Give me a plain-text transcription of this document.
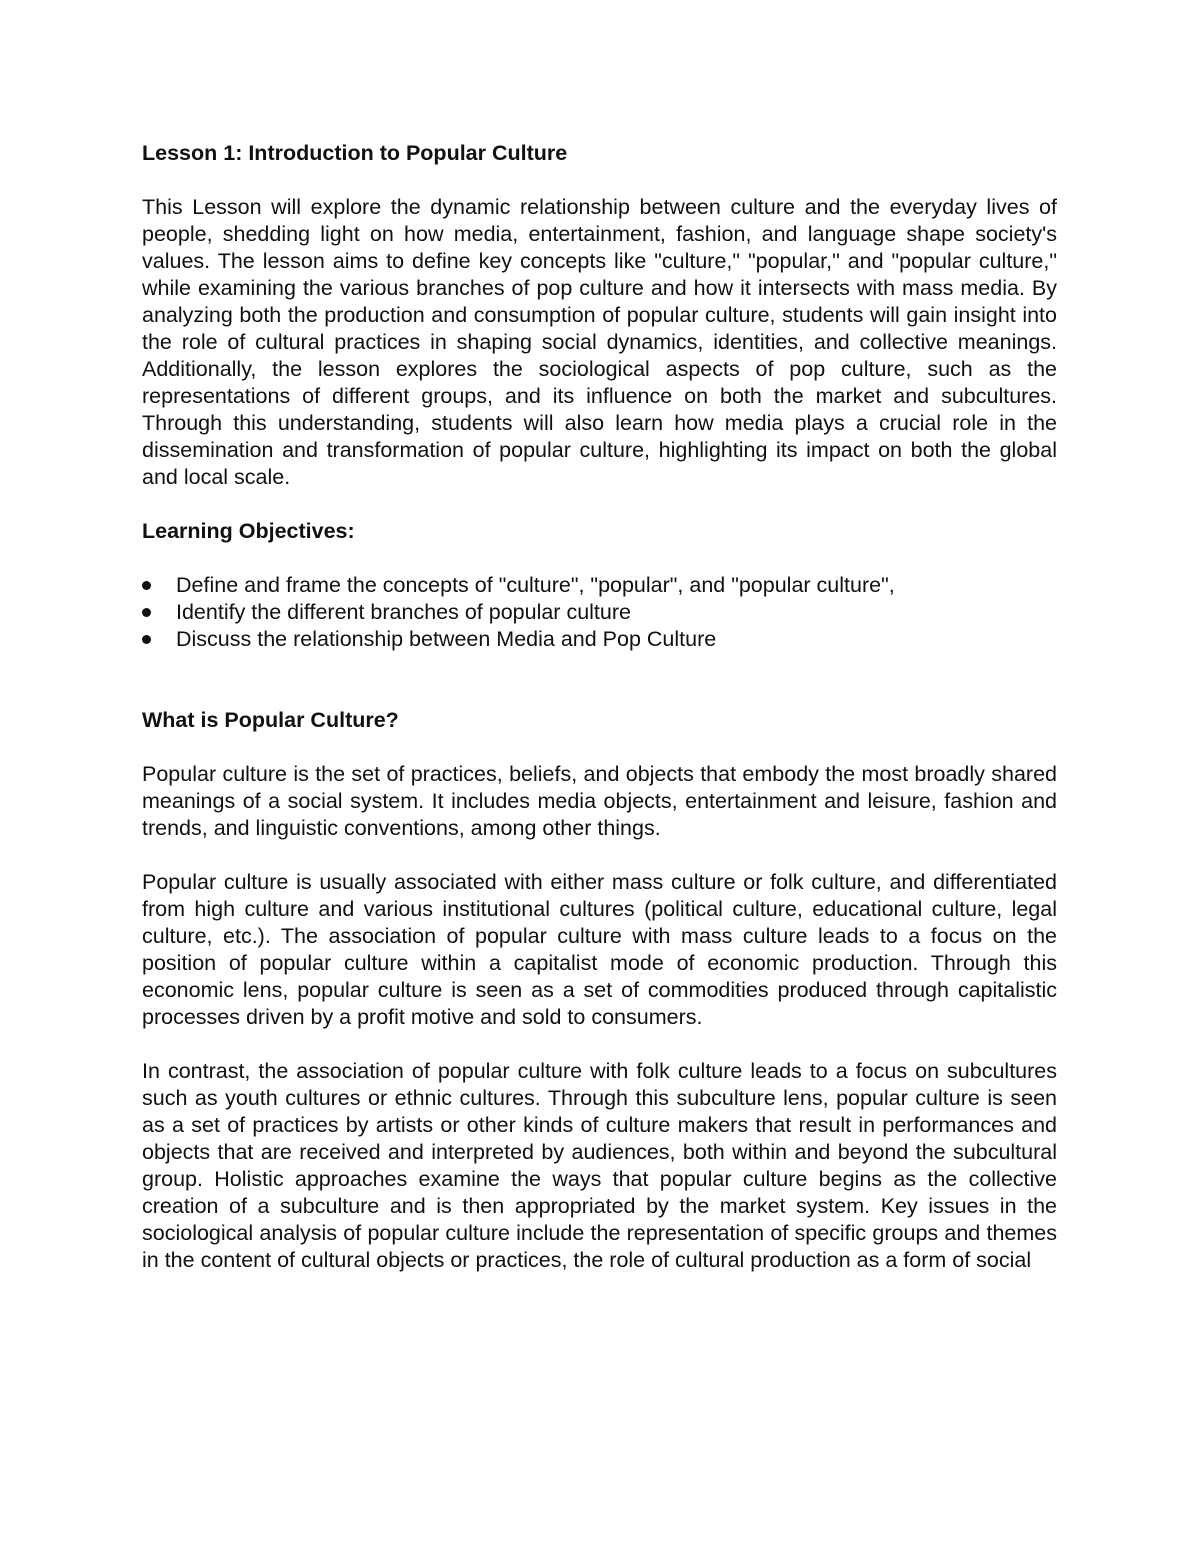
Lesson 1: Introduction to Popular Culture

This Lesson will explore the dynamic relationship between culture and the everyday lives of people, shedding light on how media, entertainment, fashion, and language shape society's values. The lesson aims to define key concepts like "culture," "popular," and "popular culture," while examining the various branches of pop culture and how it intersects with mass media. By analyzing both the production and consumption of popular culture, students will gain insight into the role of cultural practices in shaping social dynamics, identities, and collective meanings. Additionally, the lesson explores the sociological aspects of pop culture, such as the representations of different groups, and its influence on both the market and subcultures. Through this understanding, students will also learn how media plays a crucial role in the dissemination and transformation of popular culture, highlighting its impact on both the global and local scale.

Learning Objectives:
Define and frame the concepts of "culture", "popular", and "popular culture",
Identify the different branches of popular culture
Discuss the relationship between Media and Pop Culture
What is Popular Culture?

Popular culture is the set of practices, beliefs, and objects that embody the most broadly shared meanings of a social system. It includes media objects, entertainment and leisure, fashion and trends, and linguistic conventions, among other things.

Popular culture is usually associated with either mass culture or folk culture, and differentiated from high culture and various institutional cultures (political culture, educational culture, legal culture, etc.). The association of popular culture with mass culture leads to a focus on the position of popular culture within a capitalist mode of economic production. Through this economic lens, popular culture is seen as a set of commodities produced through capitalistic processes driven by a profit motive and sold to consumers.

In contrast, the association of popular culture with folk culture leads to a focus on subcultures such as youth cultures or ethnic cultures. Through this subculture lens, popular culture is seen as a set of practices by artists or other kinds of culture makers that result in performances and objects that are received and interpreted by audiences, both within and beyond the subcultural group. Holistic approaches examine the ways that popular culture begins as the collective creation of a subculture and is then appropriated by the market system. Key issues in the sociological analysis of popular culture include the representation of specific groups and themes in the content of cultural objects or practices, the role of cultural production as a form of social
